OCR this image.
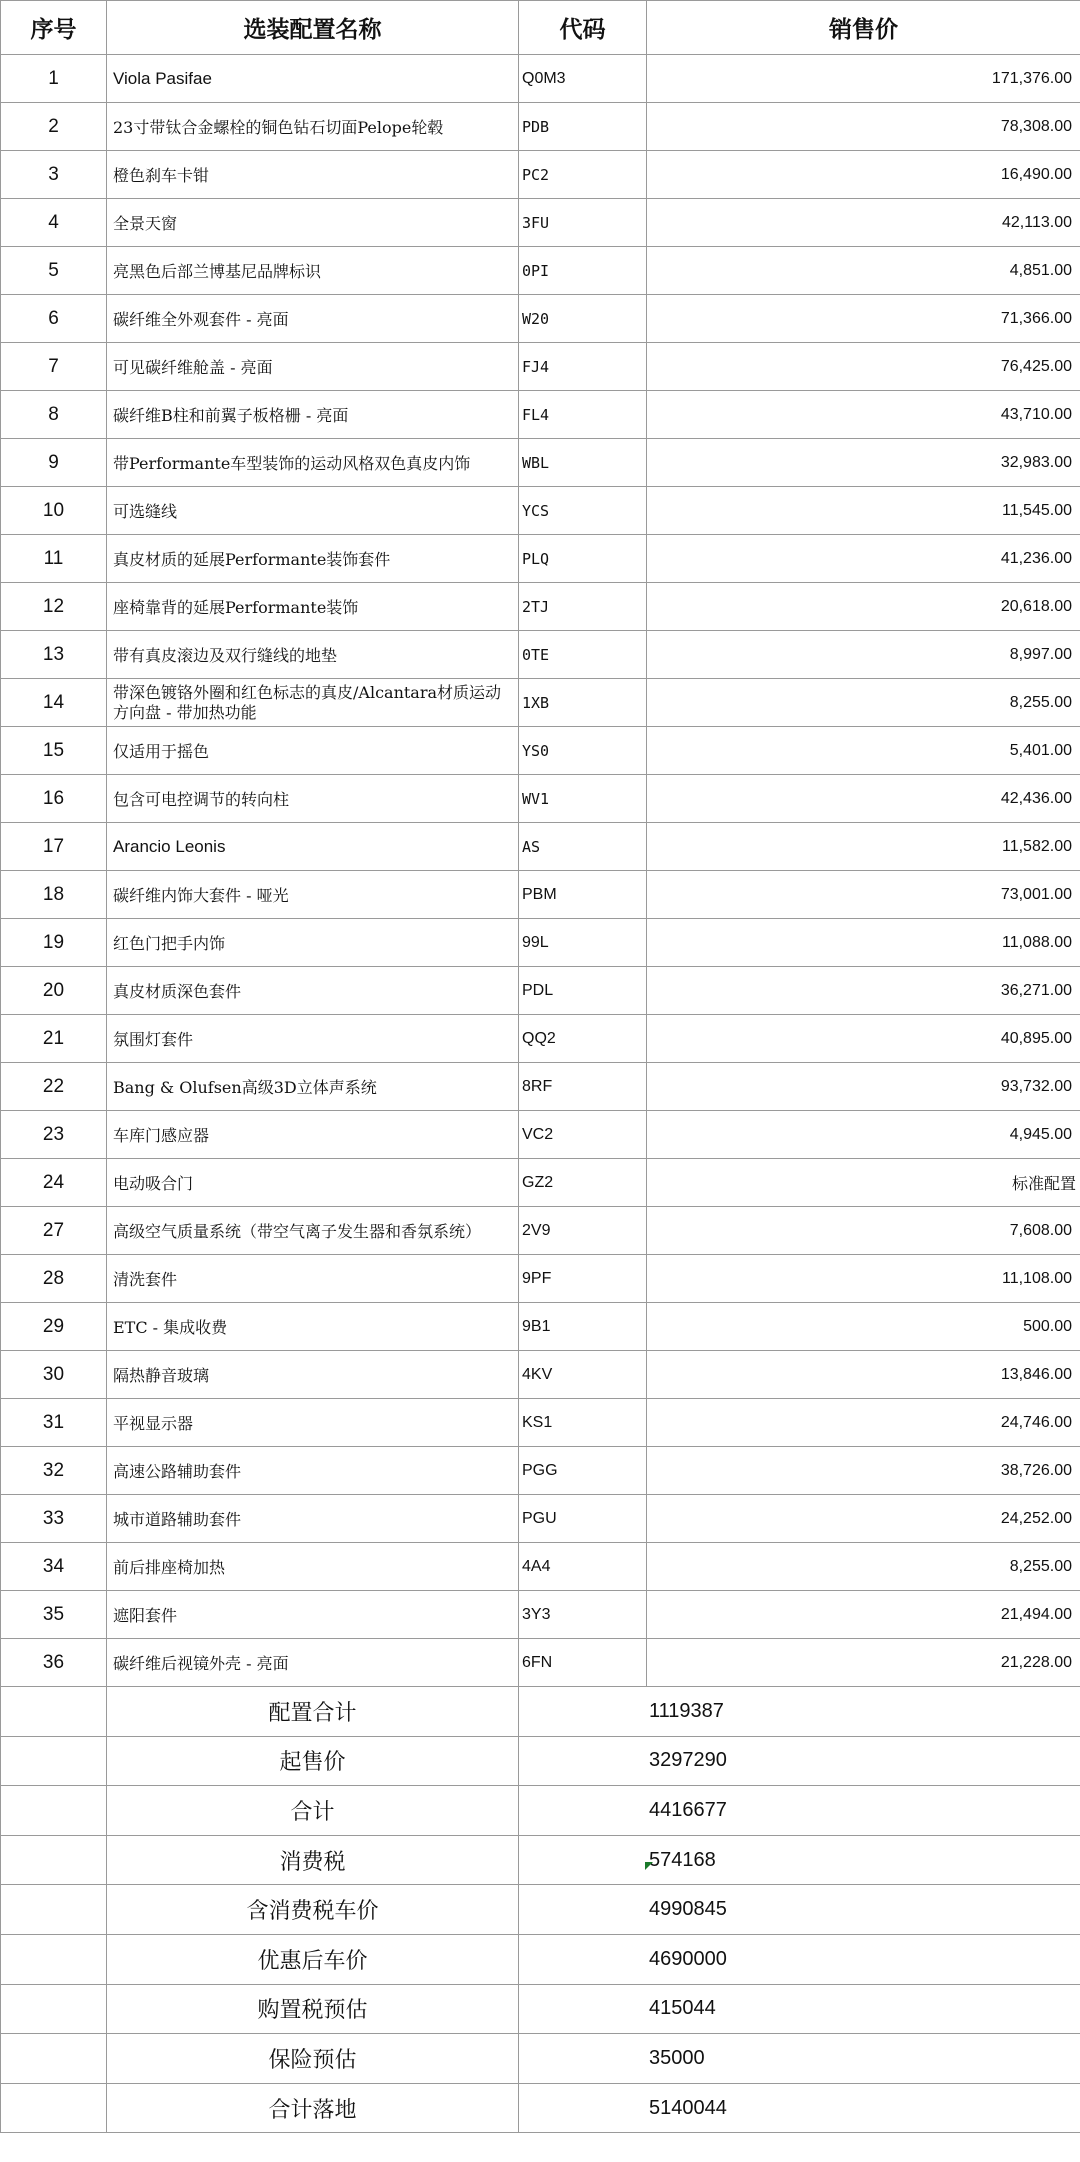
序号	选装配置名称	代码	销售价
1	Viola Pasifae	Q0M3	171,376.00
2	23寸带钛合金螺栓的铜色钻石切面Pelope轮毂	PDB	78,308.00
3	橙色刹车卡钳	PC2	16,490.00
4	全景天窗	3FU	42,113.00
5	亮黑色后部兰博基尼品牌标识	0PI	4,851.00
6	碳纤维全外观套件 - 亮面	W20	71,366.00
7	可见碳纤维舱盖 - 亮面	FJ4	76,425.00
8	碳纤维B柱和前翼子板格栅 - 亮面	FL4	43,710.00
9	带Performante车型装饰的运动风格双色真皮内饰	WBL	32,983.00
10	可选缝线	YCS	11,545.00
11	真皮材质的延展Performante装饰套件	PLQ	41,236.00
12	座椅靠背的延展Performante装饰	2TJ	20,618.00
13	带有真皮滚边及双行缝线的地垫	0TE	8,997.00
14	带深色镀铬外圈和红色标志的真皮/Alcantara材质运动方向盘 - 带加热功能	1XB	8,255.00
15	仅适用于摇色	YS0	5,401.00
16	包含可电控调节的转向柱	WV1	42,436.00
17	Arancio Leonis	AS	11,582.00
18	碳纤维内饰大套件 - 哑光	PBM	73,001.00
19	红色门把手内饰	99L	11,088.00
20	真皮材质深色套件	PDL	36,271.00
21	氛围灯套件	QQ2	40,895.00
22	Bang & Olufsen高级3D立体声系统	8RF	93,732.00
23	车库门感应器	VC2	4,945.00
24	电动吸合门	GZ2	标准配置
27	高级空气质量系统（带空气离子发生器和香氛系统）	2V9	7,608.00
28	清洗套件	9PF	11,108.00
29	ETC - 集成收费	9B1	500.00
30	隔热静音玻璃	4KV	13,846.00
31	平视显示器	KS1	24,746.00
32	高速公路辅助套件	PGG	38,726.00
33	城市道路辅助套件	PGU	24,252.00
34	前后排座椅加热	4A4	8,255.00
35	遮阳套件	3Y3	21,494.00
36	碳纤维后视镜外壳 - 亮面	6FN	21,228.00
	配置合计	1119387	
	起售价	3297290	
	合计	4416677	
	消费税	574168	
	含消费税车价	4990845	
	优惠后车价	4690000	
	购置税预估	415044	
	保险预估	35000	
	合计落地	5140044	
